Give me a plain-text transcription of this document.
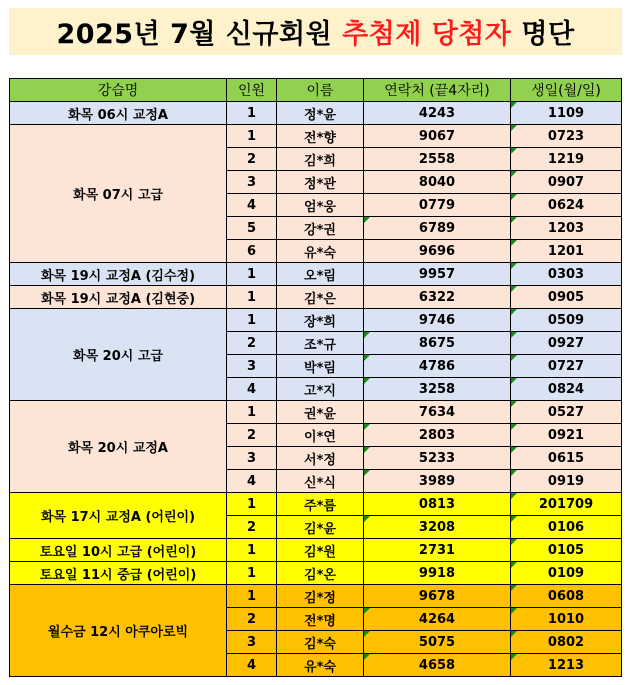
2025년 7월 신규회원
추첨제 당첨자
명단
강습명	인원	이름	연락처 (끝4자리)	생일(월/일)
화목 06시 교정A	1	정*윤	4243	1109
화목 07시 고급	1	전*향	9067	0723
	2	김*희	2558	1219
	3	정*관	8040	0907
	4	엄*웅	0779	0624
	5	강*권	6789	1203
	6	유*숙	9696	1201
화목 19시 교정A (김수정)	1	오*림	9957	0303
화목 19시 교정A (김현중)	1	김*은	6322	0905
화목 20시 고급	1	장*희	9746	0509
	2	조*규	8675	0927
	3	박*림	4786	0727
	4	고*지	3258	0824
화목 20시 교정A	1	권*윤	7634	0527
	2	이*연	2803	0921
	3	서*정	5233	0615
	4	신*식	3989	0919
화목 17시 교정A (어린이)	1	주*름	0813	201709
	2	김*윤	3208	0106
토요일 10시 고급 (어린이)	1	김*원	2731	0105
토요일 11시 중급 (어린이)	1	김*온	9918	0109
월수금 12시 아쿠아로빅	1	김*정	9678	0608
	2	전*명	4264	1010
	3	김*숙	5075	0802
	4	유*숙	4658	1213
